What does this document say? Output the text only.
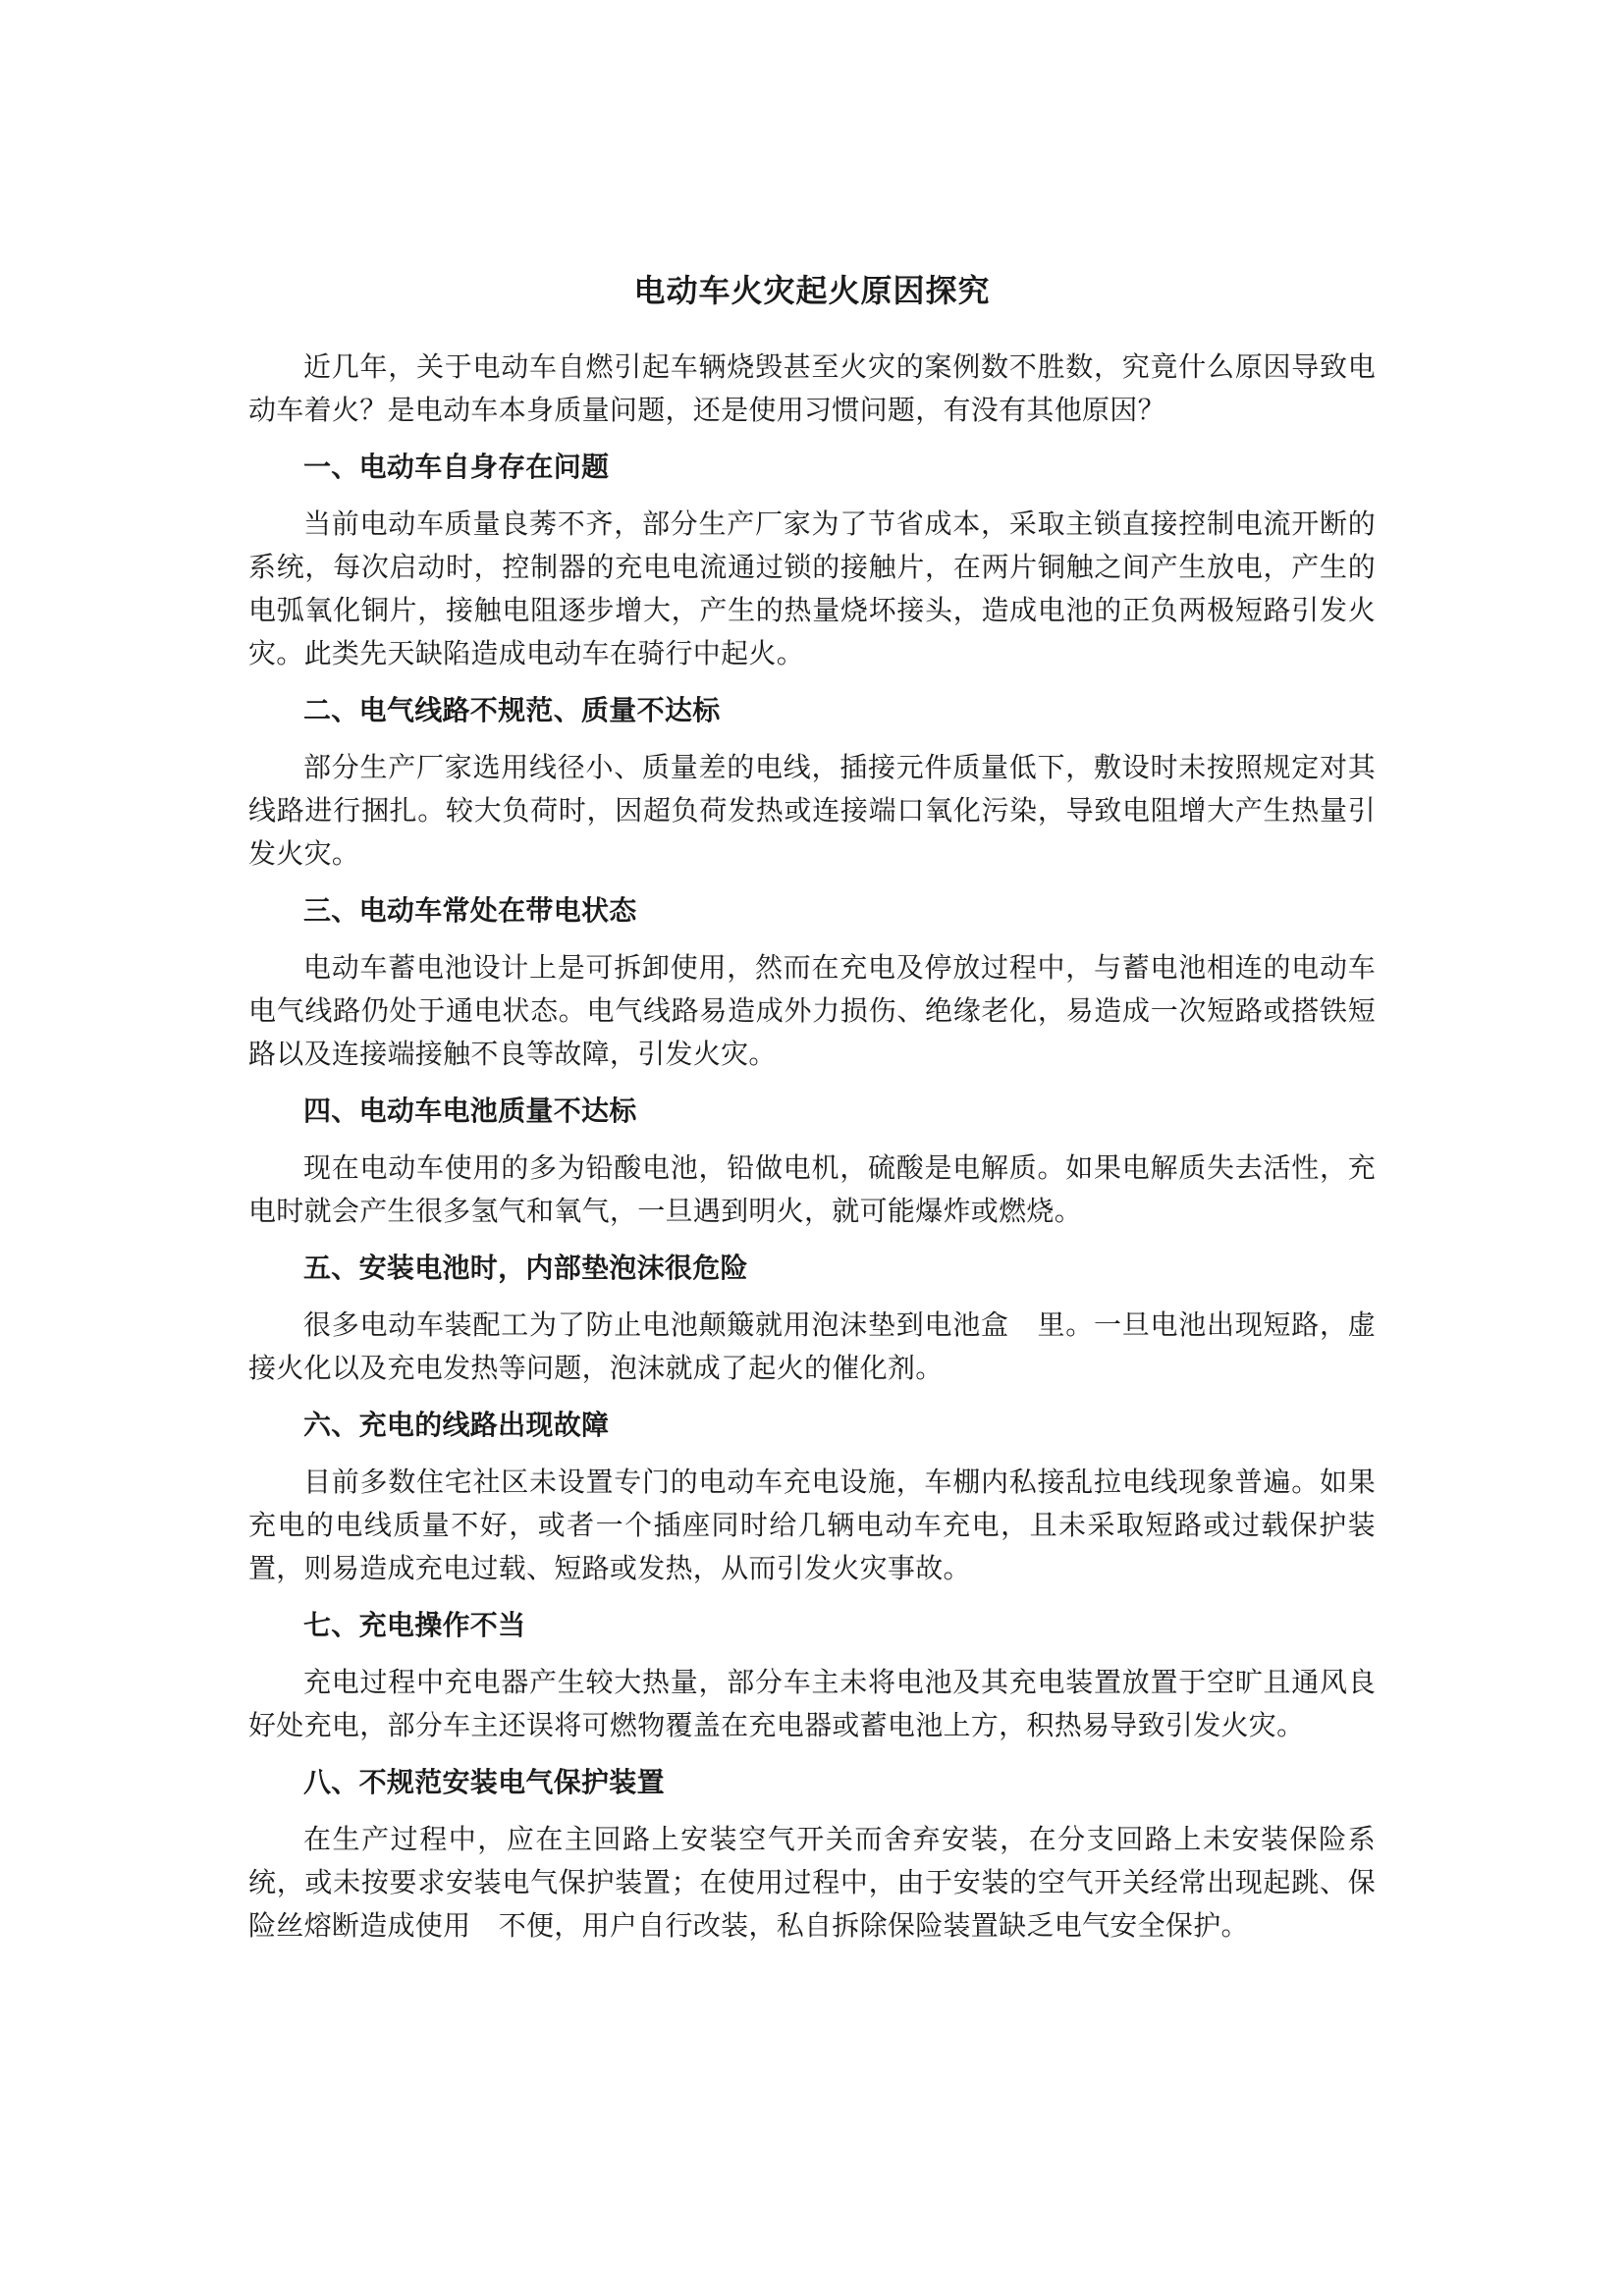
电动车火灾起火原因探究

近几年，关于电动车自燃引起车辆烧毁甚至火灾的案例数不胜数，究竟什么原因导致电动车着火？是电动车本身质量问题，还是使用习惯问题，有没有其他原因？

一、电动车自身存在问题

当前电动车质量良莠不齐，部分生产厂家为了节省成本，采取主锁直接控制电流开断的系统，每次启动时，控制器的充电电流通过锁的接触片，在两片铜触之间产生放电，产生的电弧氧化铜片，接触电阻逐步增大，产生的热量烧坏接头，造成电池的正负两极短路引发火灾。此类先天缺陷造成电动车在骑行中起火。

二、电气线路不规范、质量不达标

部分生产厂家选用线径小、质量差的电线，插接元件质量低下，敷设时未按照规定对其线路进行捆扎。较大负荷时，因超负荷发热或连接端口氧化污染，导致电阻增大产生热量引发火灾。

三、电动车常处在带电状态

电动车蓄电池设计上是可拆卸使用，然而在充电及停放过程中，与蓄电池相连的电动车电气线路仍处于通电状态。电气线路易造成外力损伤、绝缘老化，易造成一次短路或搭铁短路以及连接端接触不良等故障，引发火灾。

四、电动车电池质量不达标

现在电动车使用的多为铅酸电池，铅做电机，硫酸是电解质。如果电解质失去活性，充电时就会产生很多氢气和氧气，一旦遇到明火，就可能爆炸或燃烧。

五、安装电池时，内部垫泡沫很危险

很多电动车装配工为了防止电池颠簸就用泡沫垫到电池盒　里。一旦电池出现短路，虚接火化以及充电发热等问题，泡沫就成了起火的催化剂。

六、充电的线路出现故障

目前多数住宅社区未设置专门的电动车充电设施，车棚内私接乱拉电线现象普遍。如果充电的电线质量不好，或者一个插座同时给几辆电动车充电，且未采取短路或过载保护装置，则易造成充电过载、短路或发热，从而引发火灾事故。

七、充电操作不当

充电过程中充电器产生较大热量，部分车主未将电池及其充电装置放置于空旷且通风良好处充电，部分车主还误将可燃物覆盖在充电器或蓄电池上方，积热易导致引发火灾。

八、不规范安装电气保护装置

在生产过程中，应在主回路上安装空气开关而舍弃安装，在分支回路上未安装保险系统，或未按要求安装电气保护装置；在使用过程中，由于安装的空气开关经常出现起跳、保险丝熔断造成使用　不便，用户自行改装，私自拆除保险装置缺乏电气安全保护。
